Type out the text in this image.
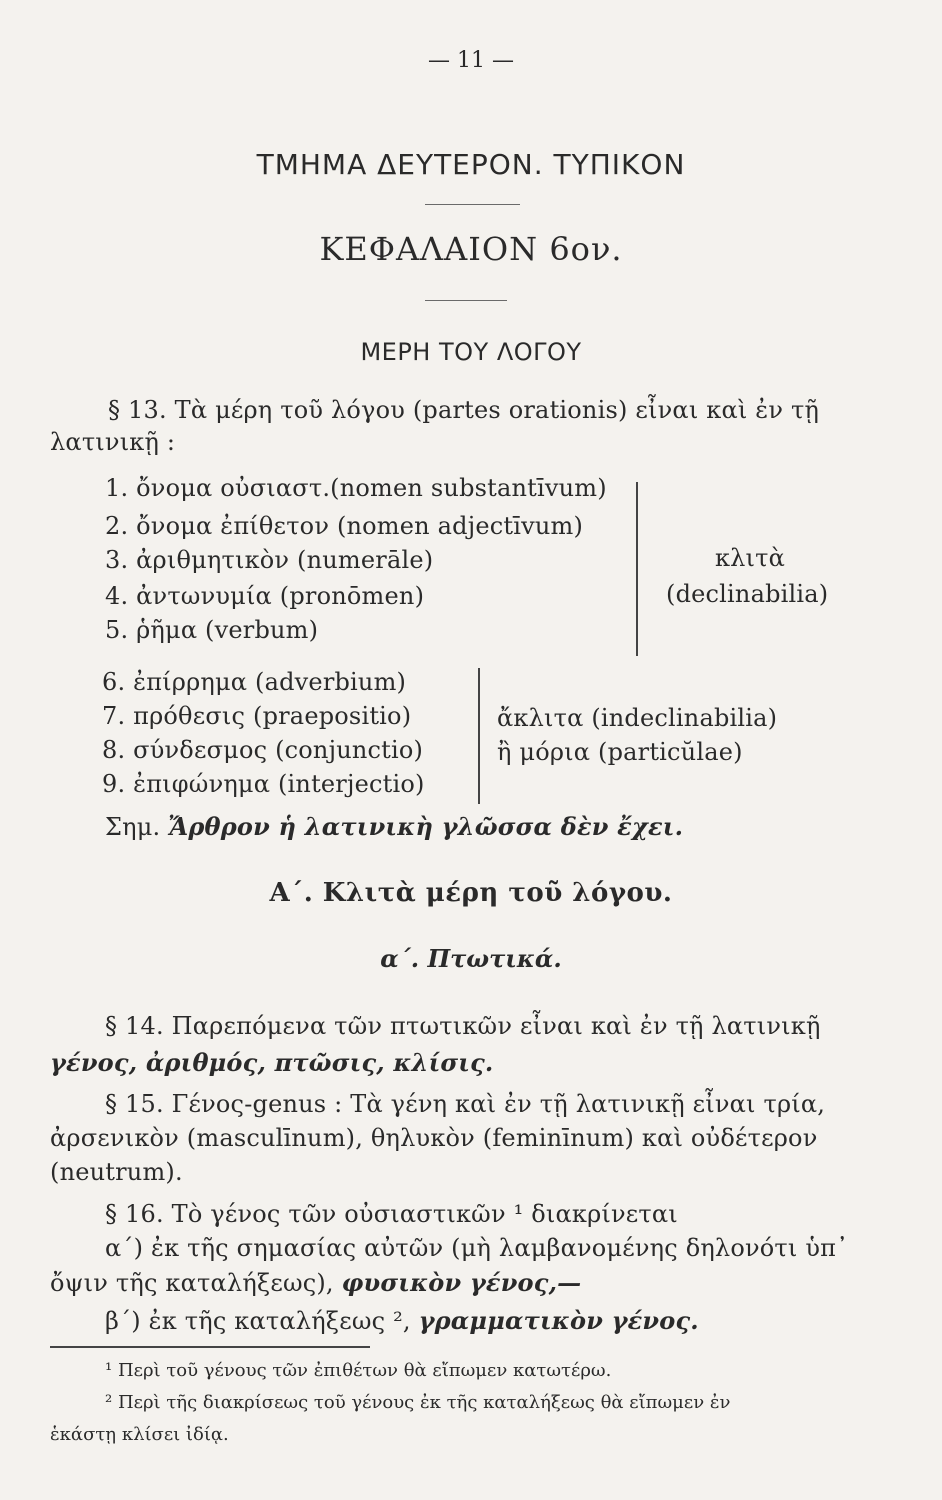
— 11 —
ΤΜΗΜΑ ΔΕΥΤΕΡΟΝ. ΤΥΠΙΚΟΝ
ΚΕΦΑΛΑΙΟΝ 6ον.
ΜΕΡΗ ΤΟΥ ΛΟΓΟΥ
§ 13. Τὰ μέρη τοῦ λόγου (partes orationis) εἶναι καὶ ἐν τῇ
λατινικῇ :
1. ὄνομα οὐσιαστ.(nomen substantīvum)
2. ὄνομα ἐπίθετον (nomen adjectīvum)
3. ἀριθμητικὸν (numerāle)
4. ἀντωνυμία (pronōmen)
5. ῥῆμα (verbum)
κλιτὰ
(declinabilia)
6. ἐπίρρημα (adverbium)
7. πρόθεσις (praepositio)
8. σύνδεσμος (conjunctio)
9. ἐπιφώνημα (interjectio)
ἄκλιτα (indeclinabilia)
ἢ μόρια (particŭlae)
Σημ. Ἄρθρον ἡ λατινικὴ γλῶσσα δὲν ἔχει.
Α΄. Κλιτὰ μέρη τοῦ λόγου.
α΄. Πτωτικά.
§ 14. Παρεπόμενα τῶν πτωτικῶν εἶναι καὶ ἐν τῇ λατινικῇ
γένος, ἀριθμός, πτῶσις, κλίσις.
§ 15. Γένος-genus : Τὰ γένη καὶ ἐν τῇ λατινικῇ εἶναι τρία,
ἀρσενικὸν (masculīnum), θηλυκὸν (feminīnum) καὶ οὐδέτερον
(neutrum).
§ 16. Τὸ γένος τῶν οὐσιαστικῶν ¹ διακρίνεται
α΄) ἐκ τῆς σημασίας αὐτῶν (μὴ λαμβανομένης δηλονότι ὑπ᾽
ὄψιν τῆς καταλήξεως), φυσικὸν γένος,—
β΄) ἐκ τῆς καταλήξεως ², γραμματικὸν γένος.
¹ Περὶ τοῦ γένους τῶν ἐπιθέτων θὰ εἴπωμεν κατωτέρω.
² Περὶ τῆς διακρίσεως τοῦ γένους ἐκ τῆς καταλήξεως θὰ εἴπωμεν ἐν
ἑκάστῃ κλίσει ἰδίᾳ.
